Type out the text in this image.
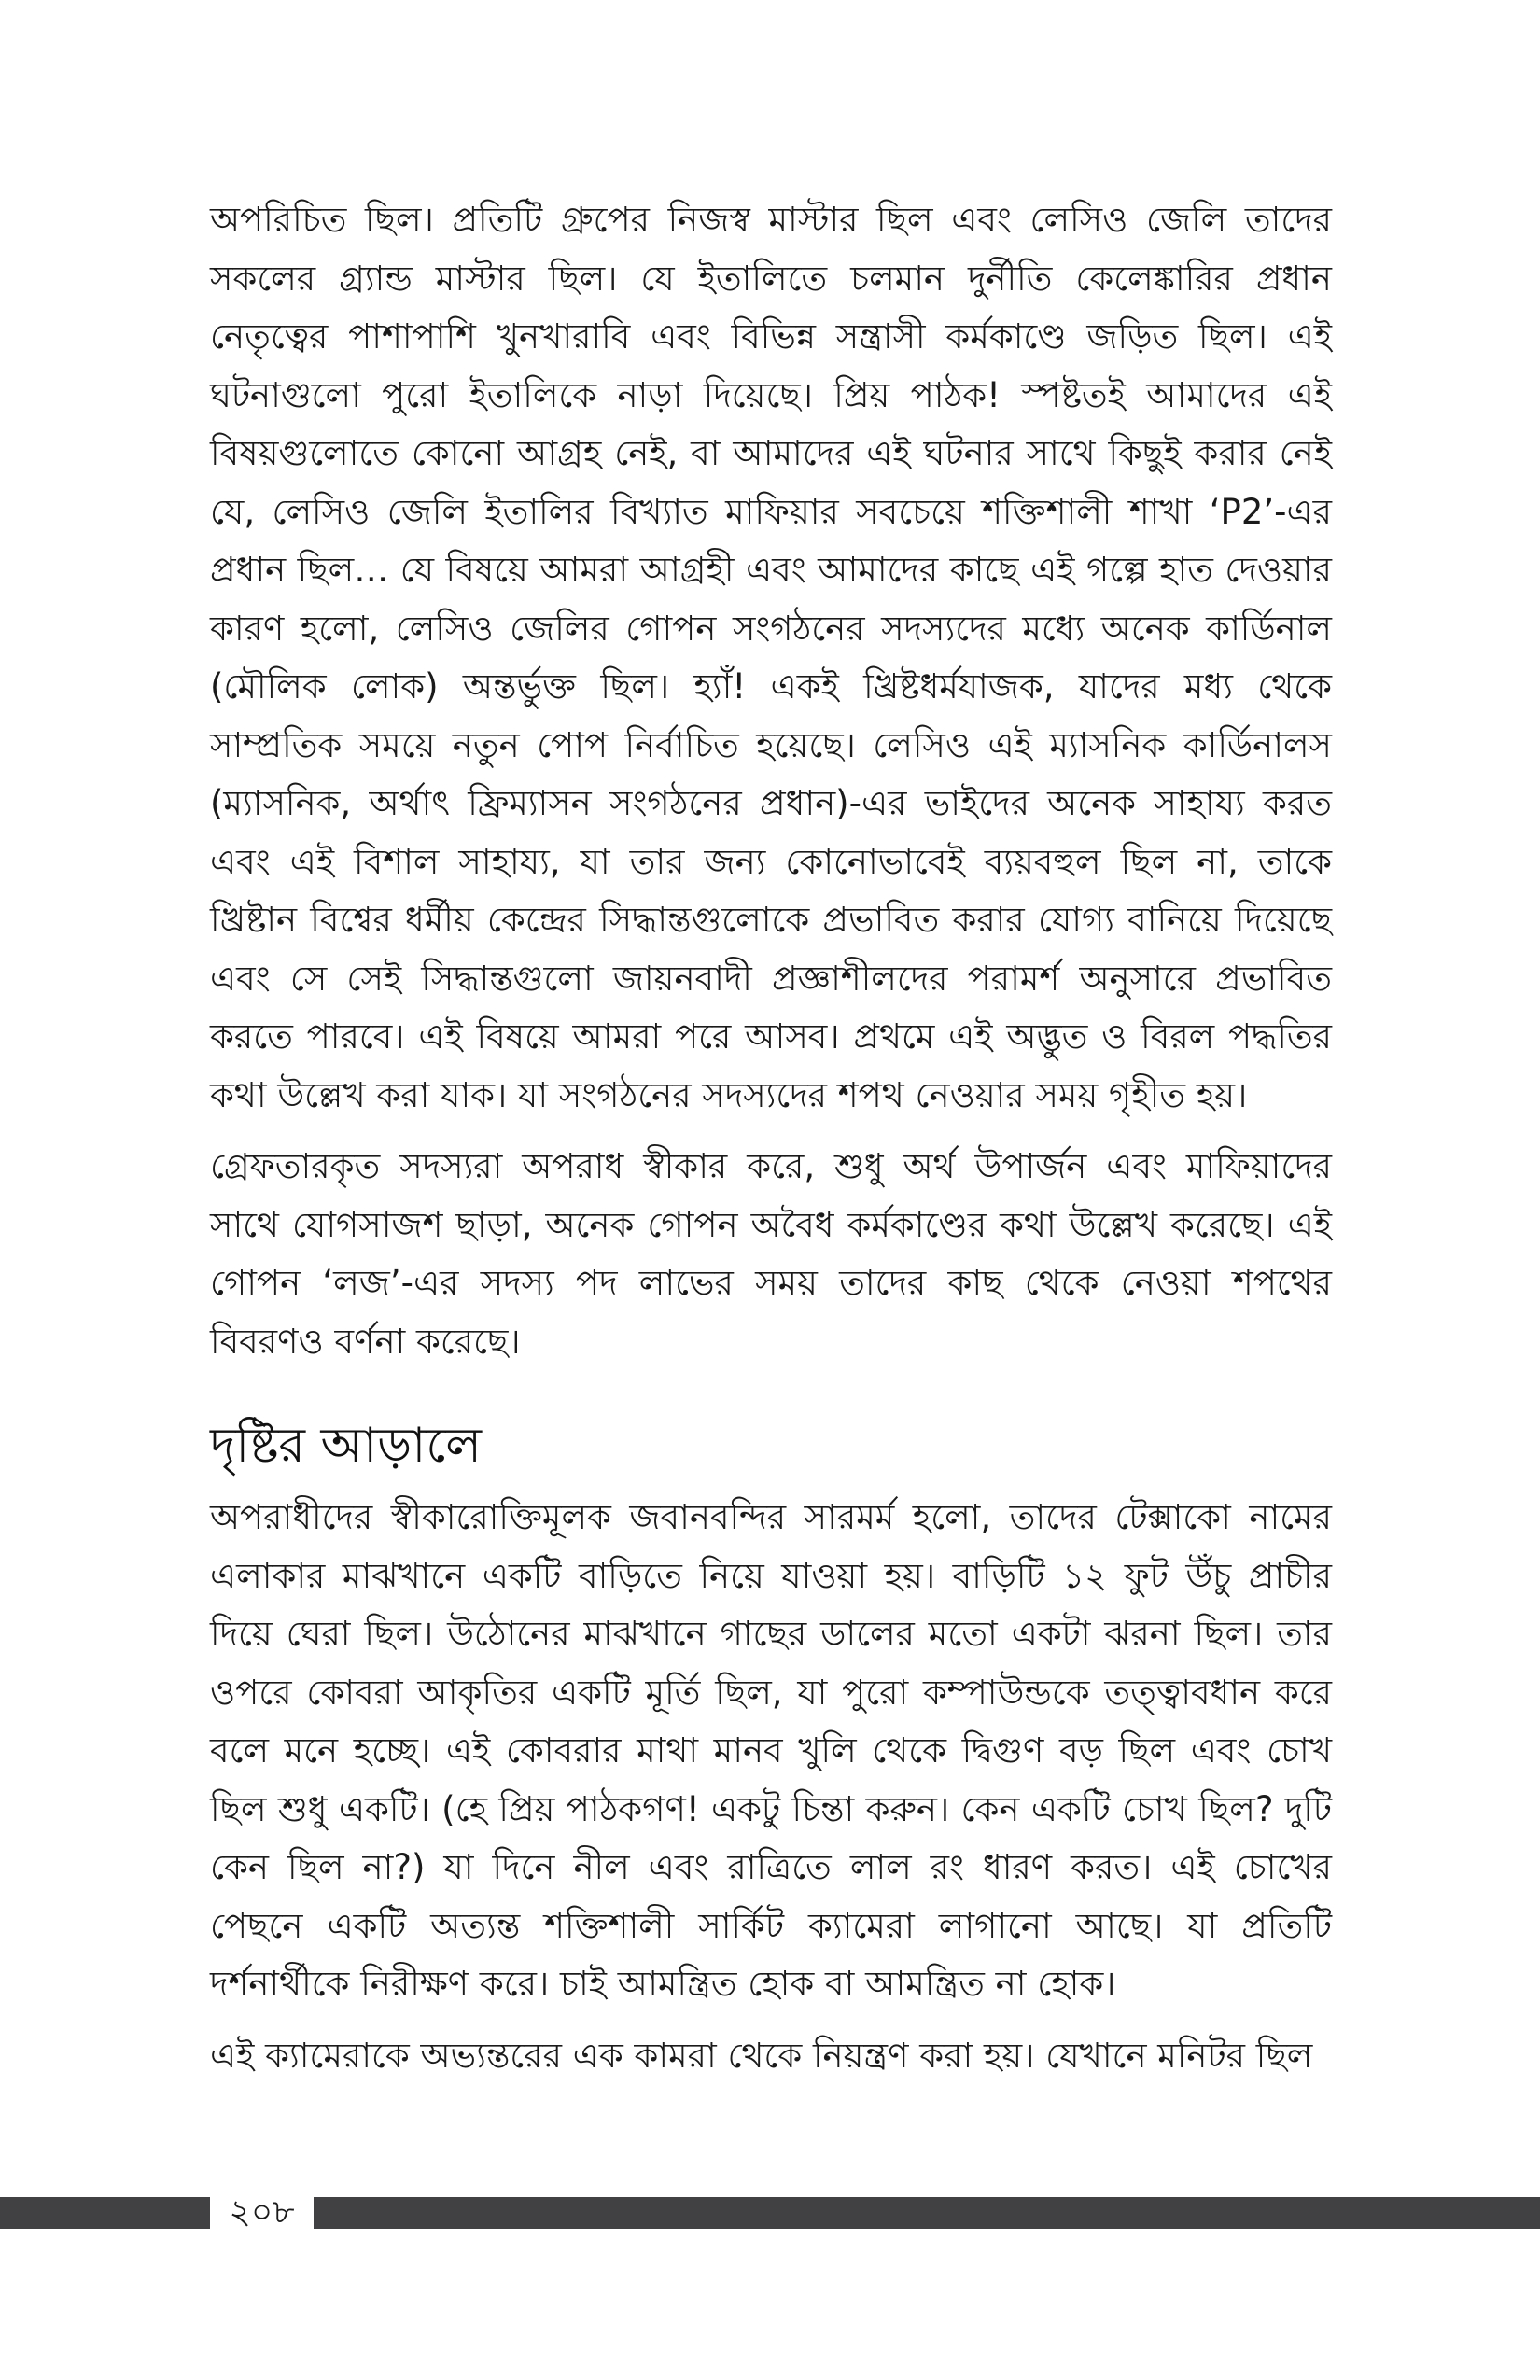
অপরিচিত ছিল। প্রতিটি গ্রুপের নিজস্ব মাস্টার ছিল এবং লেসিও জেলি তাদের সকলের গ্র্যান্ড মাস্টার ছিল। যে ইতালিতে চলমান দুর্নীতি কেলেঙ্কারির প্রধান নেতৃত্বের পাশাপাশি খুনখারাবি এবং বিভিন্ন সন্ত্রাসী কর্মকাণ্ডে জড়িত ছিল। এই ঘটনাগুলো পুরো ইতালিকে নাড়া দিয়েছে। প্রিয় পাঠক! স্পষ্টতই আমাদের এই বিষয়গুলোতে কোনো আগ্রহ নেই, বা আমাদের এই ঘটনার সাথে কিছুই করার নেই যে, লেসিও জেলি ইতালির বিখ্যাত মাফিয়ার সবচেয়ে শক্তিশালী শাখা ‘P2’-এর প্রধান ছিল… যে বিষয়ে আমরা আগ্রহী এবং আমাদের কাছে এই গল্পে হাত দেওয়ার কারণ হলো, লেসিও জেলির গোপন সংগঠনের সদস্যদের মধ্যে অনেক কার্ডিনাল (মৌলিক লোক) অন্তর্ভুক্ত ছিল। হ্যাঁ! একই খ্রিষ্টধর্মযাজক, যাদের মধ্য থেকে সাম্প্রতিক সময়ে নতুন পোপ নির্বাচিত হয়েছে। লেসিও এই ম্যাসনিক কার্ডিনালস (ম্যাসনিক, অর্থাৎ ফ্রিম্যাসন সংগঠনের প্রধান)-এর ভাইদের অনেক সাহায্য করত এবং এই বিশাল সাহায্য, যা তার জন্য কোনোভাবেই ব্যয়বহুল ছিল না, তাকে খ্রিষ্টান বিশ্বের ধর্মীয় কেন্দ্রের সিদ্ধান্তগুলোকে প্রভাবিত করার যোগ্য বানিয়ে দিয়েছে এবং সে সেই সিদ্ধান্তগুলো জায়নবাদী প্রজ্ঞাশীলদের পরামর্শ অনুসারে প্রভাবিত করতে পারবে। এই বিষয়ে আমরা পরে আসব। প্রথমে এই অদ্ভুত ও বিরল পদ্ধতির কথা উল্লেখ করা যাক। যা সংগঠনের সদস্যদের শপথ নেওয়ার সময় গৃহীত হয়।

গ্রেফতারকৃত সদস্যরা অপরাধ স্বীকার করে, শুধু অর্থ উপার্জন এবং মাফিয়াদের সাথে যোগসাজশ ছাড়া, অনেক গোপন অবৈধ কর্মকাণ্ডের কথা উল্লেখ করেছে। এই গোপন ‘লজ’-এর সদস্য পদ লাভের সময় তাদের কাছ থেকে নেওয়া শপথের বিবরণও বর্ণনা করেছে।

দৃষ্টির আড়ালে

অপরাধীদের স্বীকারোক্তিমূলক জবানবন্দির সারমর্ম হলো, তাদের টেক্সাকো নামের এলাকার মাঝখানে একটি বাড়িতে নিয়ে যাওয়া হয়। বাড়িটি ১২ ফুট উঁচু প্রাচীর দিয়ে ঘেরা ছিল। উঠোনের মাঝখানে গাছের ডালের মতো একটা ঝরনা ছিল। তার ওপরে কোবরা আকৃতির একটি মূর্তি ছিল, যা পুরো কম্পাউন্ডকে তত্ত্বাবধান করে বলে মনে হচ্ছে। এই কোবরার মাথা মানব খুলি থেকে দ্বিগুণ বড় ছিল এবং চোখ ছিল শুধু একটি। (হে প্রিয় পাঠকগণ! একটু চিন্তা করুন। কেন একটি চোখ ছিল? দুটি কেন ছিল না?) যা দিনে নীল এবং রাত্রিতে লাল রং ধারণ করত। এই চোখের পেছনে একটি অত্যন্ত শক্তিশালী সার্কিট ক্যামেরা লাগানো আছে। যা প্রতিটি দর্শনার্থীকে নিরীক্ষণ করে। চাই আমন্ত্রিত হোক বা আমন্ত্রিত না হোক।

এই ক্যামেরাকে অভ্যন্তরের এক কামরা থেকে নিয়ন্ত্রণ করা হয়। যেখানে মনিটর ছিল

২০৮
